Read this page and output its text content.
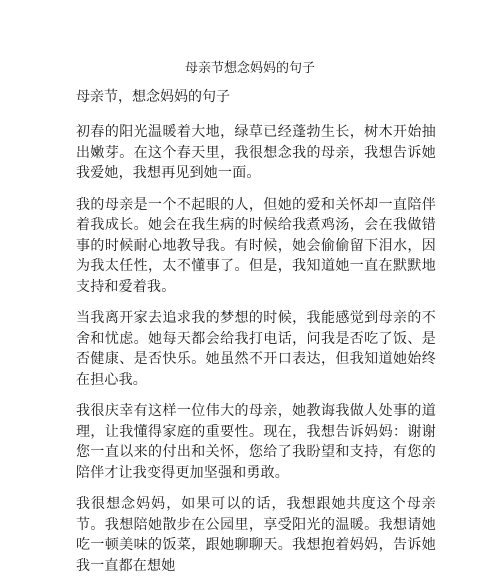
母亲节想念妈妈的句子

母亲节，想念妈妈的句子

初春的阳光温暖着大地，绿草已经蓬勃生长，树木开始抽出嫩芽。在这个春天里，我很想念我的母亲，我想告诉她我爱她，我想再见到她一面。

我的母亲是一个不起眼的人，但她的爱和关怀却一直陪伴着我成长。她会在我生病的时候给我煮鸡汤，会在我做错事的时候耐心地教导我。有时候，她会偷偷留下泪水，因为我太任性，太不懂事了。但是，我知道她一直在默默地支持和爱着我。

当我离开家去追求我的梦想的时候，我能感觉到母亲的不舍和忧虑。她每天都会给我打电话，问我是否吃了饭、是否健康、是否快乐。她虽然不开口表达，但我知道她始终在担心我。

我很庆幸有这样一位伟大的母亲，她教诲我做人处事的道理，让我懂得家庭的重要性。现在，我想告诉妈妈：谢谢您一直以来的付出和关怀，您给了我盼望和支持，有您的陪伴才让我变得更加坚强和勇敢。

我很想念妈妈，如果可以的话，我想跟她共度这个母亲节。我想陪她散步在公园里，享受阳光的温暖。我想请她吃一顿美味的饭菜，跟她聊聊天。我想抱着妈妈，告诉她我一直都在想她
